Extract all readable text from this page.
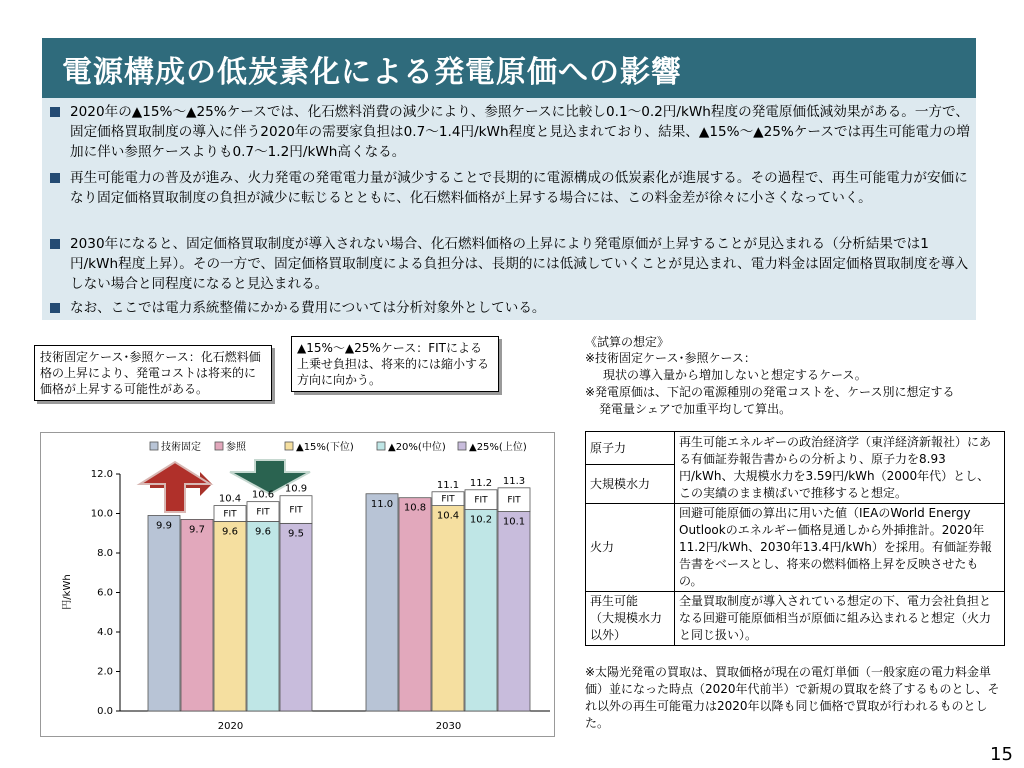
電源構成の低炭素化による発電原価への影響
2020年の▲15%～▲25%ケースでは、化石燃料消費の減少により、参照ケースに比較し0.1～0.2円/kWh程度の発電原価低減効果がある。一方で、固定価格買取制度の導入に伴う2020年の需要家負担は0.7～1.4円/kWh程度と見込まれており、結果、▲15%～▲25%ケースでは再生可能電力の増加に伴い参照ケースよりも0.7～1.2円/kWh高くなる。
再生可能電力の普及が進み、火力発電の発電電力量が減少することで長期的に電源構成の低炭素化が進展する。その過程で、再生可能電力が安価になり固定価格買取制度の負担が減少に転じるとともに、化石燃料価格が上昇する場合には、この料金差が徐々に小さくなっていく。
2030年になると、固定価格買取制度が導入されない場合、化石燃料価格の上昇により発電原価が上昇することが見込まれる（分析結果では1円/kWh程度上昇）。その一方で、固定価格買取制度による負担分は、長期的には低減していくことが見込まれ、電力料金は固定価格買取制度を導入しない場合と同程度になると見込まれる。
なお、ここでは電力系統整備にかかる費用については分析対象外としている。
技術固定ケース･参照ケース：化石燃料価格の上昇により、発電コストは将来的に価格が上昇する可能性がある。
▲15%～▲25%ケース：FITによる上乗せ負担は、将来的には縮小する方向に向かう。
技術固定	参照	▲15%(下位)	▲20%(中位) ▲25%(上位)
0.0
2.0
4.0
6.0
8.0
10.0
12.0
2020	2030
9.9 9.7 9.6
FIT
10.4
9.6
FIT
10.6
9.5
FIT
10.9
11.0 10.8
10.4
FIT
11.1
10.2
FIT
11.2
10.1
FIT
11.3
円/kWh
《試算の想定》
※技術固定ケース･参照ケース：
現状の導入量から増加しないと想定するケース。
※発電原価は、下記の電源種別の発電コストを、ケース別に想定する
発電量シェアで加重平均して算出。
原子力	再生可能エネルギーの政治経済学（東洋経済新報社）にある有価証券報告書からの分析より、原子力を8.93円/kWh、大規模水力を3.59円/kWh（2000年代）とし、この実績のまま横ばいで推移すると想定。
大規模水力	
火力	回避可能原価の算出に用いた値（IEAのWorld Energy Outlookのエネルギー価格見通しから外挿推計。2020年11.2円/kWh、2030年13.4円/kWh）を採用。有価証券報告書をベースとし、将来の燃料価格上昇を反映させたもの。

再生可能
（大規模水力以外）	全量買取制度が導入されている想定の下、電力会社負担となる回避可能原価相当が原価に組み込まれると想定（火力と同じ扱い）。
※太陽光発電の買取は、買取価格が現在の電灯単価（一般家庭の電力料金単価）並になった時点（2020年代前半）で新規の買取を終了するものとし、それ以外の再生可能電力は2020年以降も同じ価格で買取が行われるものとした。
15
